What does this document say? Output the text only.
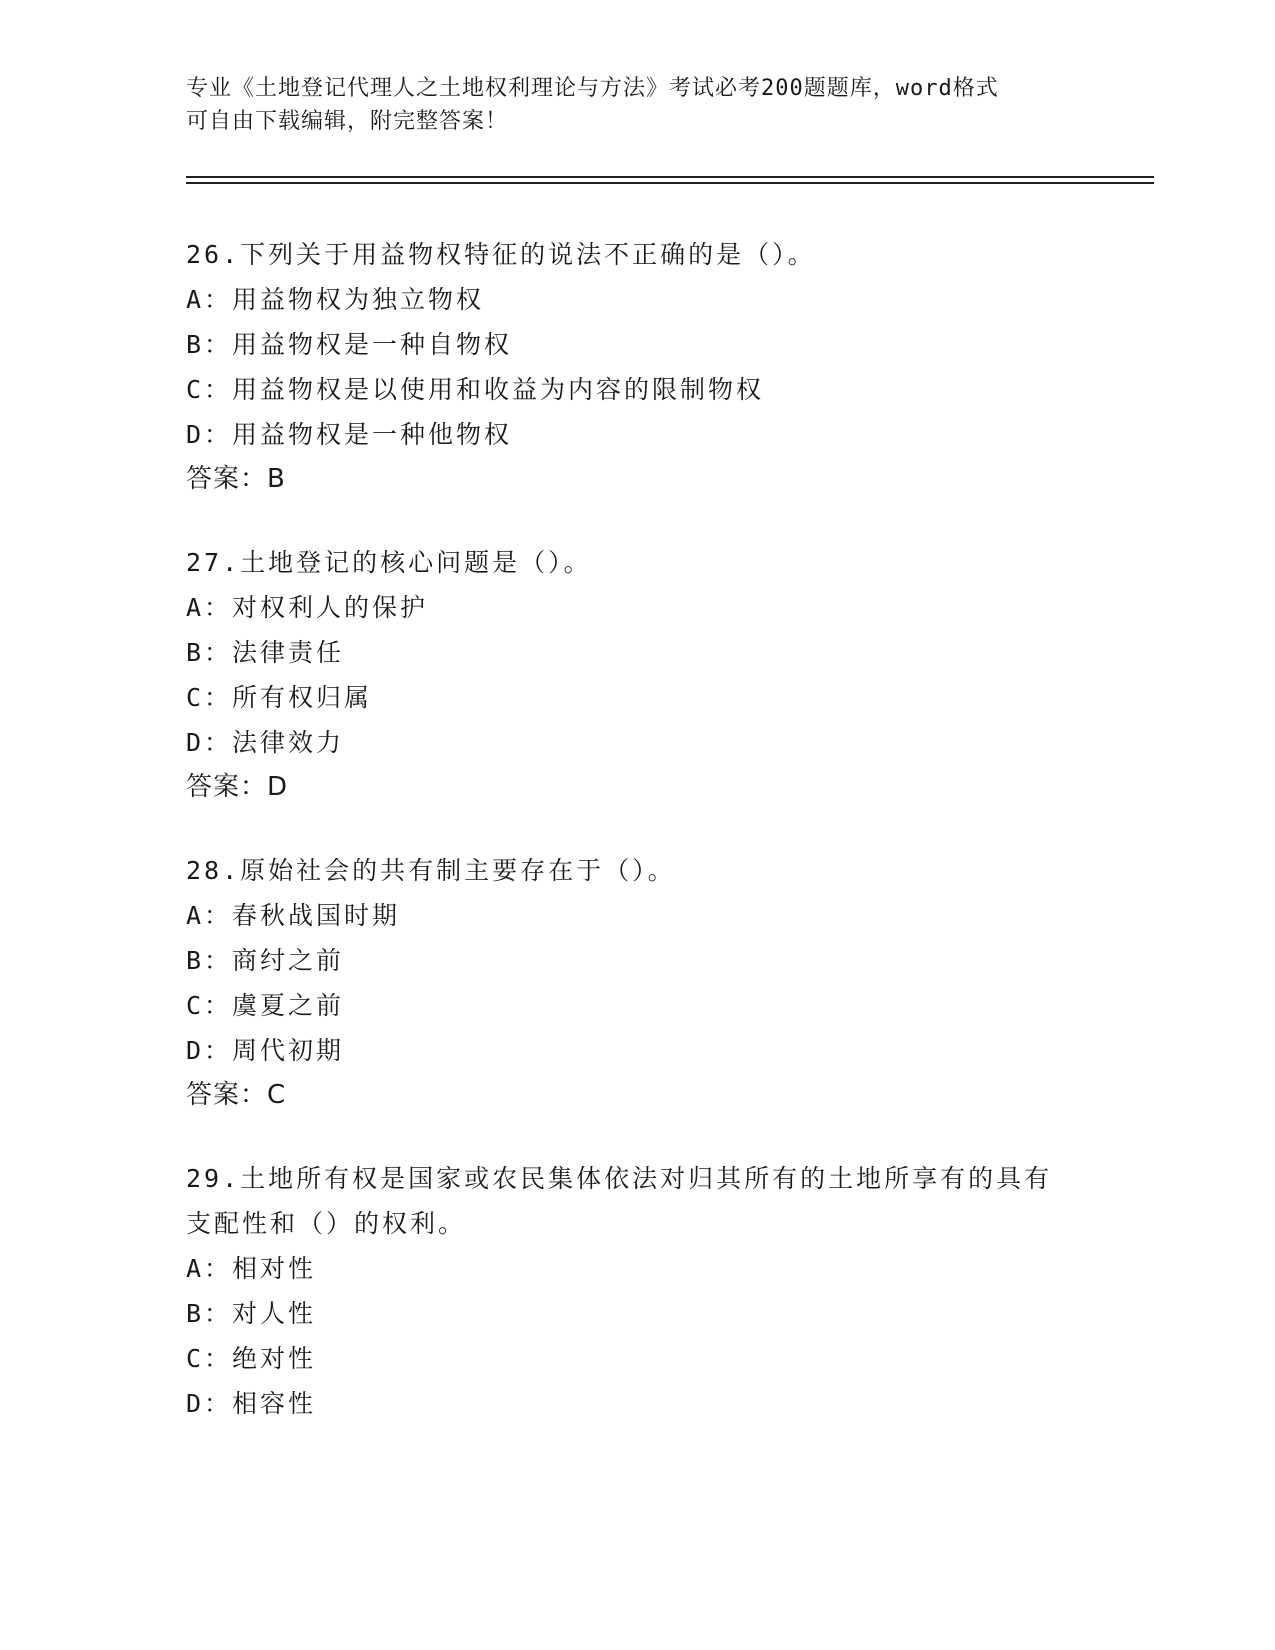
专业《土地登记代理人之土地权利理论与方法》考试必考200题题库，word格式
可自由下载编辑，附完整答案！

26.下列关于用益物权特征的说法不正确的是（）。

A：用益物权为独立物权

B：用益物权是一种自物权

C：用益物权是以使用和收益为内容的限制物权

D：用益物权是一种他物权

答案：B

27.土地登记的核心问题是（）。

A：对权利人的保护

B：法律责任

C：所有权归属

D：法律效力

答案：D

28.原始社会的共有制主要存在于（）。

A：春秋战国时期

B：商纣之前

C：虞夏之前

D：周代初期

答案：C

29.土地所有权是国家或农民集体依法对归其所有的土地所享有的具有
支配性和（）的权利。

A：相对性

B：对人性

C：绝对性

D：相容性
